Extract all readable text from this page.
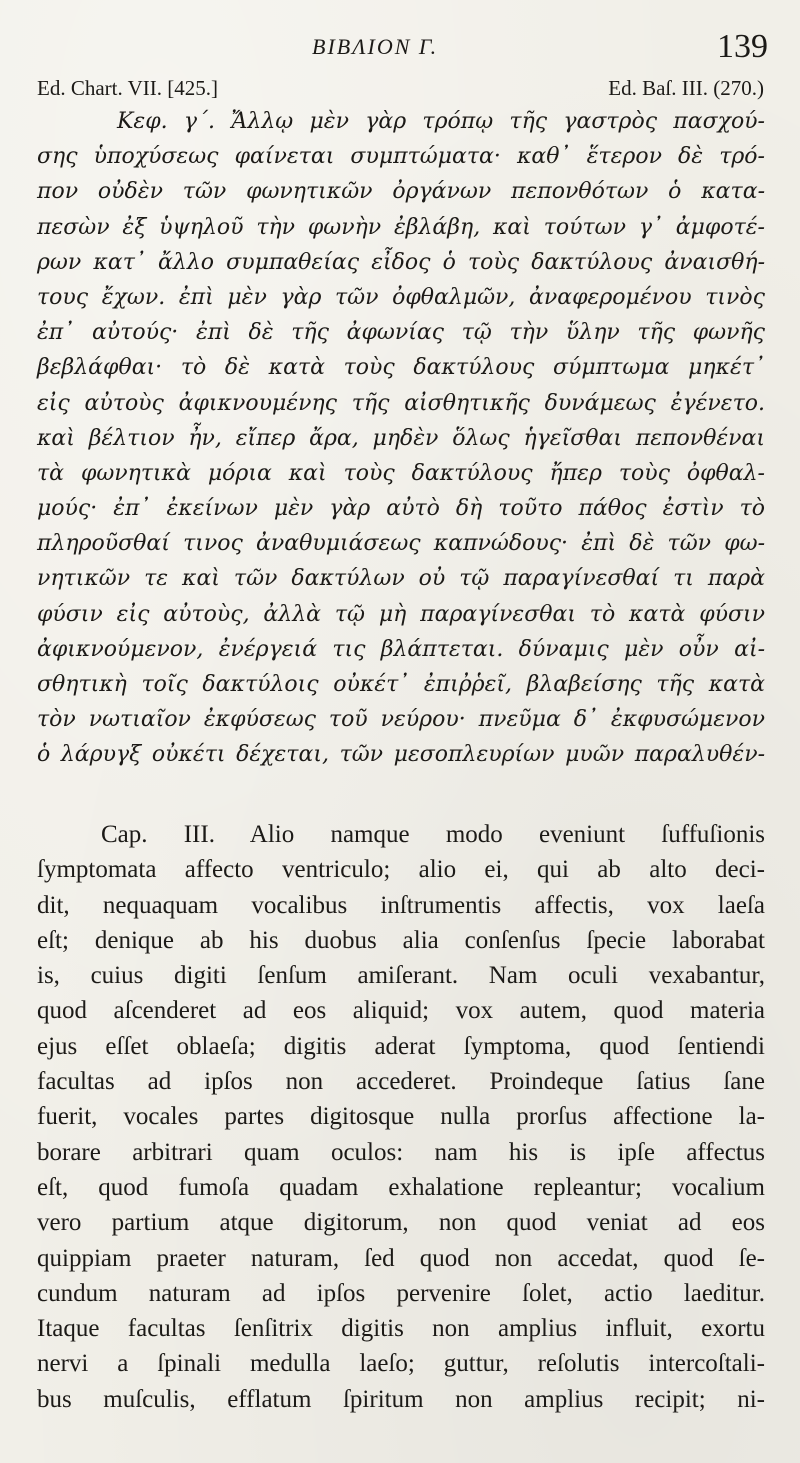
ΒΙΒΛΙΟΝ Γ.	139
Ed. Chart. VII. [425.]	Ed. Baſ. III. (270.)
Κεφ. γ΄. Ἄλλῳ μὲν γὰρ τρόπῳ τῆς γαστρὸς πασχού-
σης ὑποχύσεως φαίνεται συμπτώματα· καθ᾽ ἕτερον δὲ τρό-
πον οὐδὲν τῶν φωνητικῶν ὀργάνων πεπονθότων ὁ κατα-
πεσὼν ἐξ ὑψηλοῦ τὴν φωνὴν ἐβλάβη, καὶ τούτων γ᾽ ἀμφοτέ-
ρων κατ᾽ ἄλλο συμπαθείας εἶδος ὁ τοὺς δακτύλους ἀναισθή-
τους ἔχων. ἐπὶ μὲν γὰρ τῶν ὀφθαλμῶν, ἀναφερομένου τινὸς
ἐπ᾽ αὐτούς· ἐπὶ δὲ τῆς ἀφωνίας τῷ τὴν ὕλην τῆς φωνῆς
βεβλάφθαι· τὸ δὲ κατὰ τοὺς δακτύλους σύμπτωμα μηκέτ᾽
εἰς αὐτοὺς ἀφικνουμένης τῆς αἰσθητικῆς δυνάμεως ἐγένετο.
καὶ βέλτιον ἦν, εἴπερ ἄρα, μηδὲν ὅλως ἡγεῖσθαι πεπονθέναι
τὰ φωνητικὰ μόρια καὶ τοὺς δακτύλους ἤπερ τοὺς ὀφθαλ-
μούς· ἐπ᾽ ἐκείνων μὲν γὰρ αὐτὸ δὴ τοῦτο πάθος ἐστὶν τὸ
πληροῦσθαί τινος ἀναθυμιάσεως καπνώδους· ἐπὶ δὲ τῶν φω-
νητικῶν τε καὶ τῶν δακτύλων οὐ τῷ παραγίνεσθαί τι παρὰ
φύσιν εἰς αὐτοὺς, ἀλλὰ τῷ μὴ παραγίνεσθαι τὸ κατὰ φύσιν
ἀφικνούμενον, ἐνέργειά τις βλάπτεται. δύναμις μὲν οὖν αἰ-
σθητικὴ τοῖς δακτύλοις οὐκέτ᾽ ἐπιῤῥεῖ, βλαβείσης τῆς κατὰ
τὸν νωτιαῖον ἐκφύσεως τοῦ νεύρου· πνεῦμα δ᾽ ἐκφυσώμενον
ὁ λάρυγξ οὐκέτι δέχεται, τῶν μεσοπλευρίων μυῶν παραλυθέν-
Cap. III. Alio namque modo eveniunt ſuffuſionis
ſymptomata affecto ventriculo; alio ei, qui ab alto deci-
dit, nequaquam vocalibus inſtrumentis affectis, vox laeſa
eſt; denique ab his duobus alia conſenſus ſpecie laborabat
is, cuius digiti ſenſum amiſerant. Nam oculi vexabantur,
quod aſcenderet ad eos aliquid; vox autem, quod materia
ejus eſſet oblaeſa; digitis aderat ſymptoma, quod ſentiendi
facultas ad ipſos non accederet. Proindeque ſatius ſane
fuerit, vocales partes digitosque nulla prorſus affectione la-
borare arbitrari quam oculos: nam his is ipſe affectus
eſt, quod fumoſa quadam exhalatione repleantur; vocalium
vero partium atque digitorum, non quod veniat ad eos
quippiam praeter naturam, ſed quod non accedat, quod ſe-
cundum naturam ad ipſos pervenire ſolet, actio laeditur.
Itaque facultas ſenſitrix digitis non amplius influit, exortu
nervi a ſpinali medulla laeſo; guttur, reſolutis intercoſtali-
bus muſculis, efflatum ſpiritum non amplius recipit; ni-
